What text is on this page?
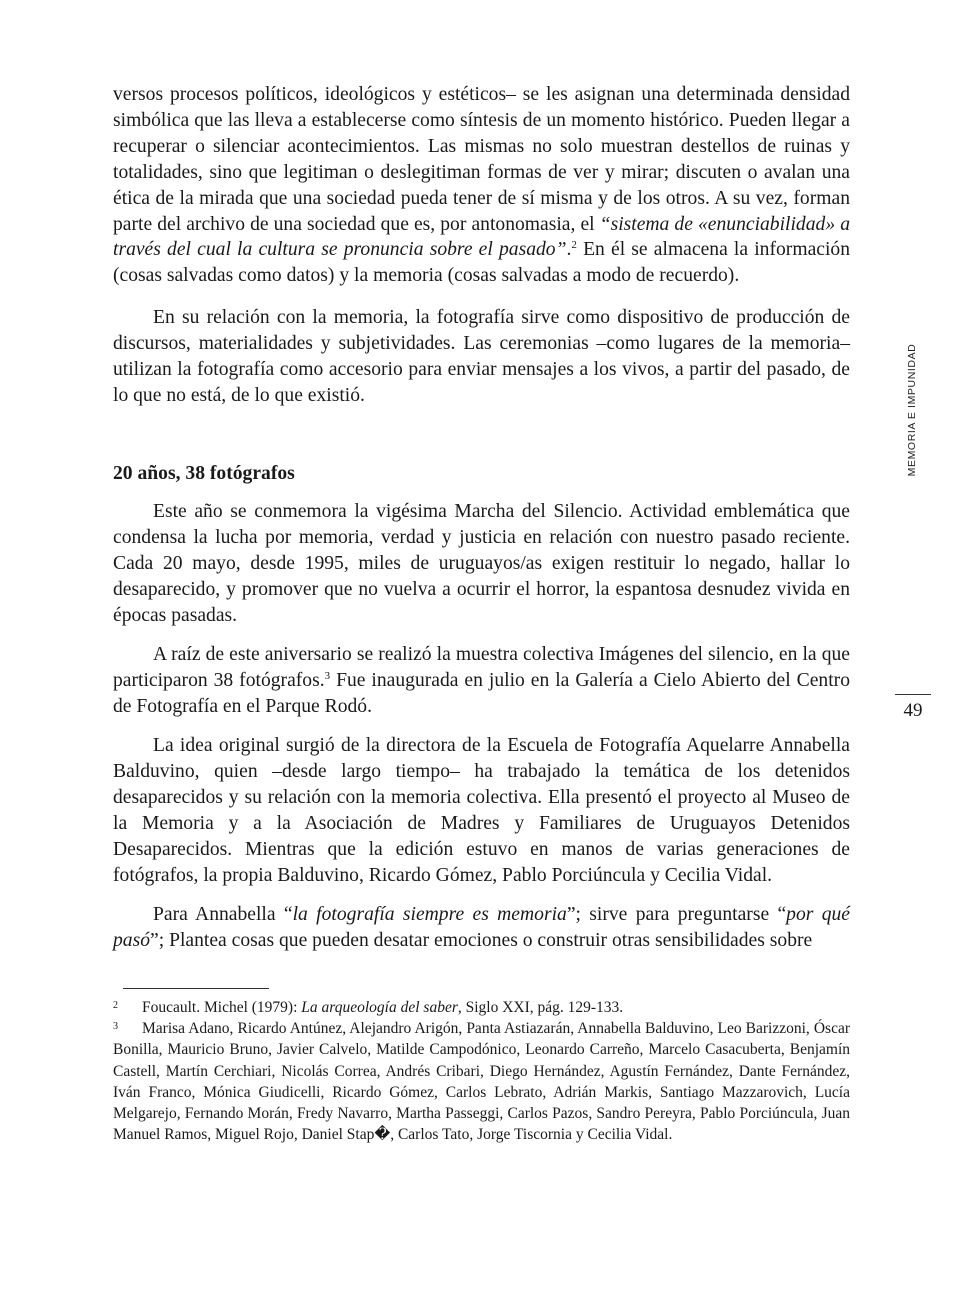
versos procesos políticos, ideológicos y estéticos– se les asignan una determinada densidad simbólica que las lleva a establecerse como síntesis de un momento histórico. Pueden llegar a recuperar o silenciar acontecimientos. Las mismas no solo muestran destellos de ruinas y totalidades, sino que legitiman o deslegitiman formas de ver y mirar; discuten o avalan una ética de la mirada que una sociedad pueda tener de sí misma y de los otros. A su vez, forman parte del archivo de una sociedad que es, por antonomasia, el “sistema de «enunciabilidad» a través del cual la cultura se pronuncia sobre el pasado”.$^2$ En él se almacena la información (cosas salvadas como datos) y la memoria (cosas salvadas a modo de recuerdo).

En su relación con la memoria, la fotografía sirve como dispositivo de producción de discursos, materialidades y subjetividades. Las ceremonias –como lugares de la memoria– utilizan la fotografía como accesorio para enviar mensajes a los vivos, a partir del pasado, de lo que no está, de lo que existió.

20 años, 38 fotógrafos

Este año se conmemora la vigésima Marcha del Silencio. Actividad emblemática que condensa la lucha por memoria, verdad y justicia en relación con nuestro pasado reciente. Cada 20 mayo, desde 1995, miles de uruguayos/as exigen restituir lo negado, hallar lo desaparecido, y promover que no vuelva a ocurrir el horror, la espantosa desnudez vivida en épocas pasadas.

A raíz de este aniversario se realizó la muestra colectiva Imágenes del silencio, en la que participaron 38 fotógrafos.$^3$ Fue inaugurada en julio en la Galería a Cielo Abierto del Centro de Fotografía en el Parque Rodó.

La idea original surgió de la directora de la Escuela de Fotografía Aquelarre Annabella Balduvino, quien –desde largo tiempo– ha trabajado la temática de los detenidos desaparecidos y su relación con la memoria colectiva. Ella presentó el proyecto al Museo de la Memoria y a la Asociación de Madres y Familiares de Uruguayos Detenidos Desaparecidos. Mientras que la edición estuvo en manos de varias generaciones de fotógrafos, la propia Balduvino, Ricardo Gómez, Pablo Porciúncula y Cecilia Vidal.

Para Annabella “la fotografía siempre es memoria”; sirve para preguntarse “por qué pasó”; Plantea cosas que pueden desatar emociones o construir otras sensibilidades sobre

MEMORIA E IMPUNIDAD
49

2 Foucault. Michel (1979): La arqueología del saber, Siglo XXI, pág. 129-133.

3 Marisa Adano, Ricardo Antúnez, Alejandro Arigón, Panta Astiazarán, Annabella Balduvino, Leo Barizzoni, Óscar Bonilla, Mauricio Bruno, Javier Calvelo, Matilde Campodónico, Leonardo Carreño, Marcelo Casacuberta, Benjamín Castell, Martín Cerchiari, Nicolás Correa, Andrés Cribari, Diego Hernández, Agustín Fernández, Dante Fernández, Iván Franco, Mónica Giudicelli, Ricardo Gómez, Carlos Lebrato, Adrián Markis, Santiago Mazzarovich, Lucía Melgarejo, Fernando Morán, Fredy Navarro, Martha Passeggi, Carlos Pazos, Sandro Pereyra, Pablo Porciúncula, Juan Manuel Ramos, Miguel Rojo, Daniel Stap�, Carlos Tato, Jorge Tiscornia y Cecilia Vidal.
